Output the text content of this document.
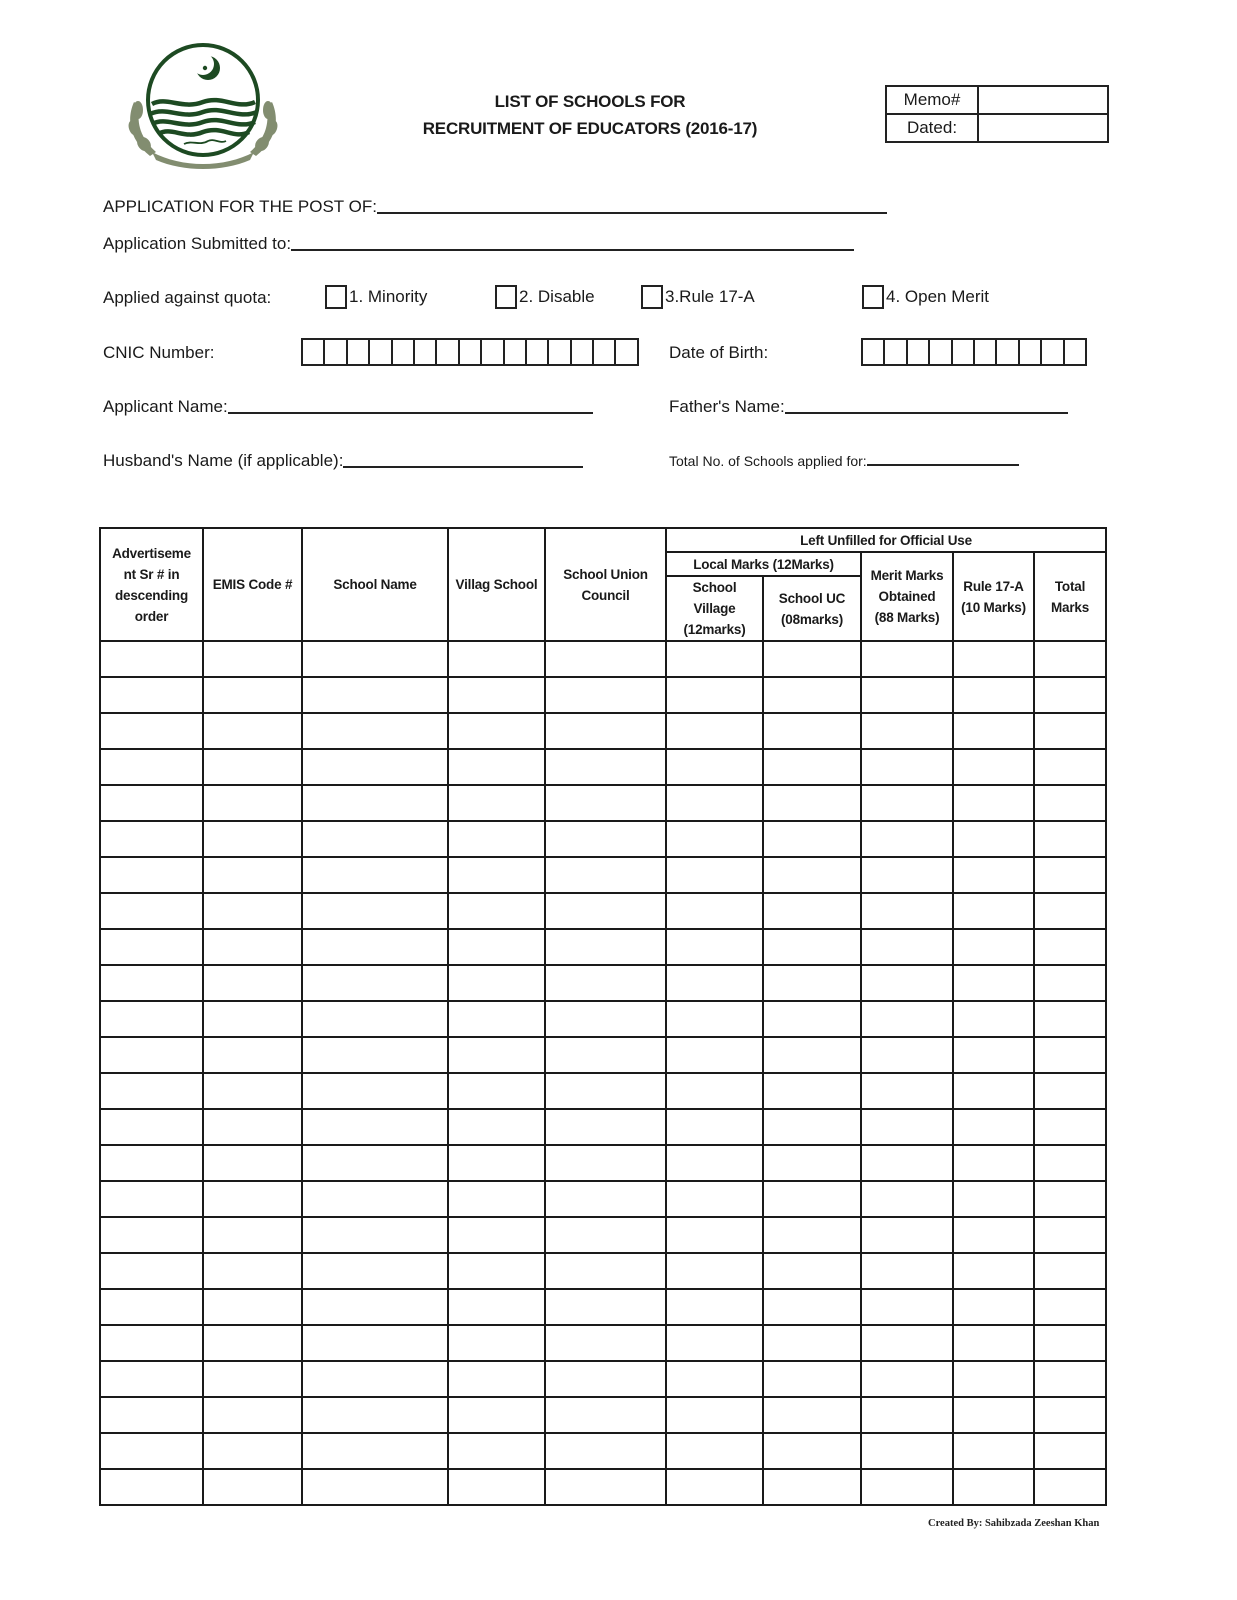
LIST OF SCHOOLS FOR
RECRUITMENT OF EDUCATORS (2016-17)
Memo#	
Dated:	
APPLICATION FOR THE POST OF:
Application Submitted to:
Applied against quota:	1. Minority	2. Disable	3.Rule 17-A	4. Open Merit
CNIC Number:	Date of Birth:
Applicant Name:	Father's Name:
Husband's Name (if applicable):	Total No. of Schools applied for:
Advertiseme nt Sr # in descending order	EMIS Code #	School Name	Villag School	School Union Council	Left Unfilled for Official Use				
					Local Marks (12Marks)		Merit Marks Obtained (88 Marks)	Rule 17-A (10 Marks)	Total Marks
					School Village (12marks)	School UC (08marks)			

Created By: Sahibzada Zeeshan Khan
